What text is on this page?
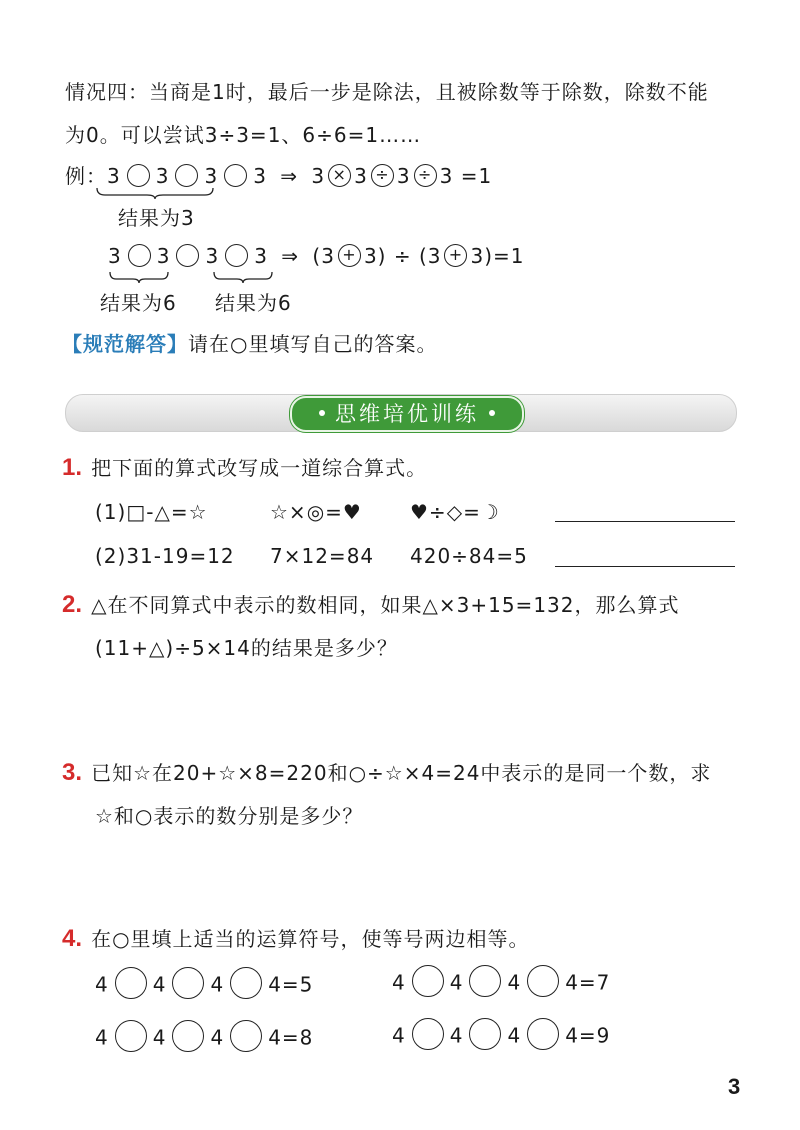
情况四：当商是1时，最后一步是除法，且被除数等于除数，除数不能
为0。可以尝试3÷3=1、6÷6=1……
例：3 3 3 3 ⇒ 3 × 3 ÷ 3 ÷ 3 =1
结果为3
3 3 3 3 ⇒ (3 + 3) ÷ (3 + 3)=1
结果为6 结果为6
【规范解答】请在○里填写自己的答案。
思维培优训练
1. 把下面的算式改写成一道综合算式。
(1)□-△=☆	☆×◎=♥ ♥÷◇=☽
(2)31-19=12 7×12=84 420÷84=5
2. △在不同算式中表示的数相同，如果△×3+15=132，那么算式
(11+△)÷5×14的结果是多少？
3. 已知☆在20+☆×8=220和○÷☆×4=24中表示的是同一个数，求
☆和○表示的数分别是多少？
4. 在○里填上适当的运算符号，使等号两边相等。
4 4 4 4=5	4 4 4 4=7
4 4 4 4=8	4 4 4 4=9
3
